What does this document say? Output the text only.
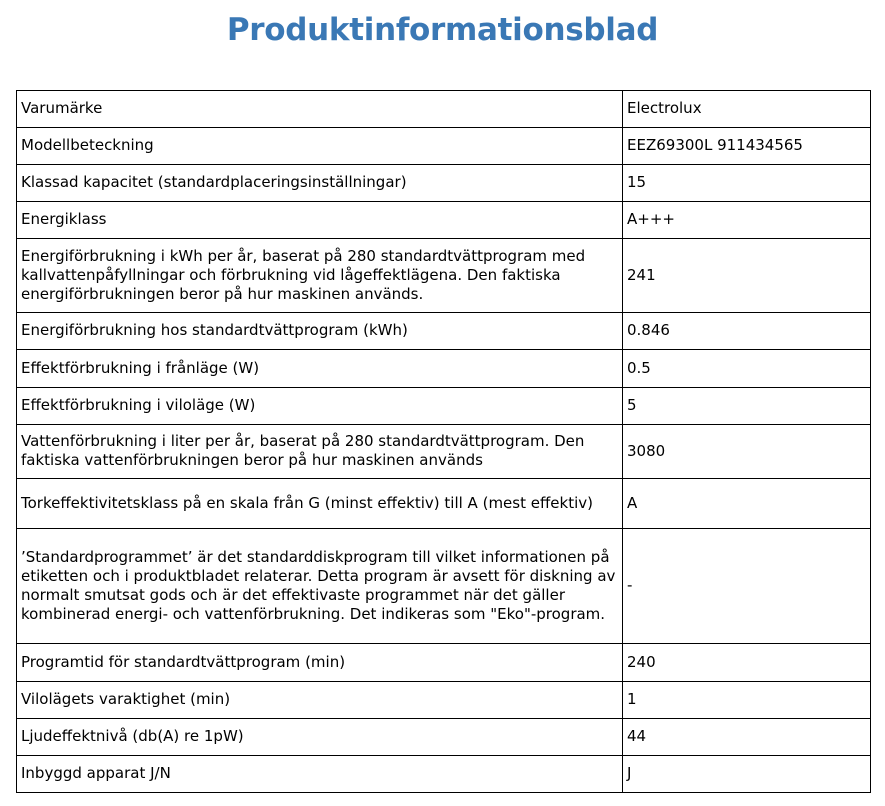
Produktinformationsblad
Varumärke	Electrolux
Modellbeteckning	EEZ69300L 911434565
Klassad kapacitet (standardplaceringsinställningar)	15
Energiklass	A+++
Energiförbrukning i kWh per år, baserat på 280 standardtvättprogram med kallvattenpåfyllningar och förbrukning vid lågeffektlägena. Den faktiska energiförbrukningen beror på hur maskinen används.	241
Energiförbrukning hos standardtvättprogram (kWh)	0.846
Effektförbrukning i frånläge (W)	0.5
Effektförbrukning i viloläge (W)	5
Vattenförbrukning i liter per år, baserat på 280 standardtvättprogram. Den faktiska vattenförbrukningen beror på hur maskinen används	3080
Torkeffektivitetsklass på en skala från G (minst effektiv) till A (mest effektiv)	A
’Standardprogrammet’ är det standarddiskprogram till vilket informationen på etiketten och i produktbladet relaterar. Detta program är avsett för diskning av normalt smutsat gods och är det effektivaste programmet när det gäller kombinerad energi- och vattenförbrukning. Det indikeras som "Eko"-program.	-
Programtid för standardtvättprogram (min)	240
Vilolägets varaktighet (min)	1
Ljudeffektnivå (db(A) re 1pW)	44
Inbyggd apparat J/N	J
